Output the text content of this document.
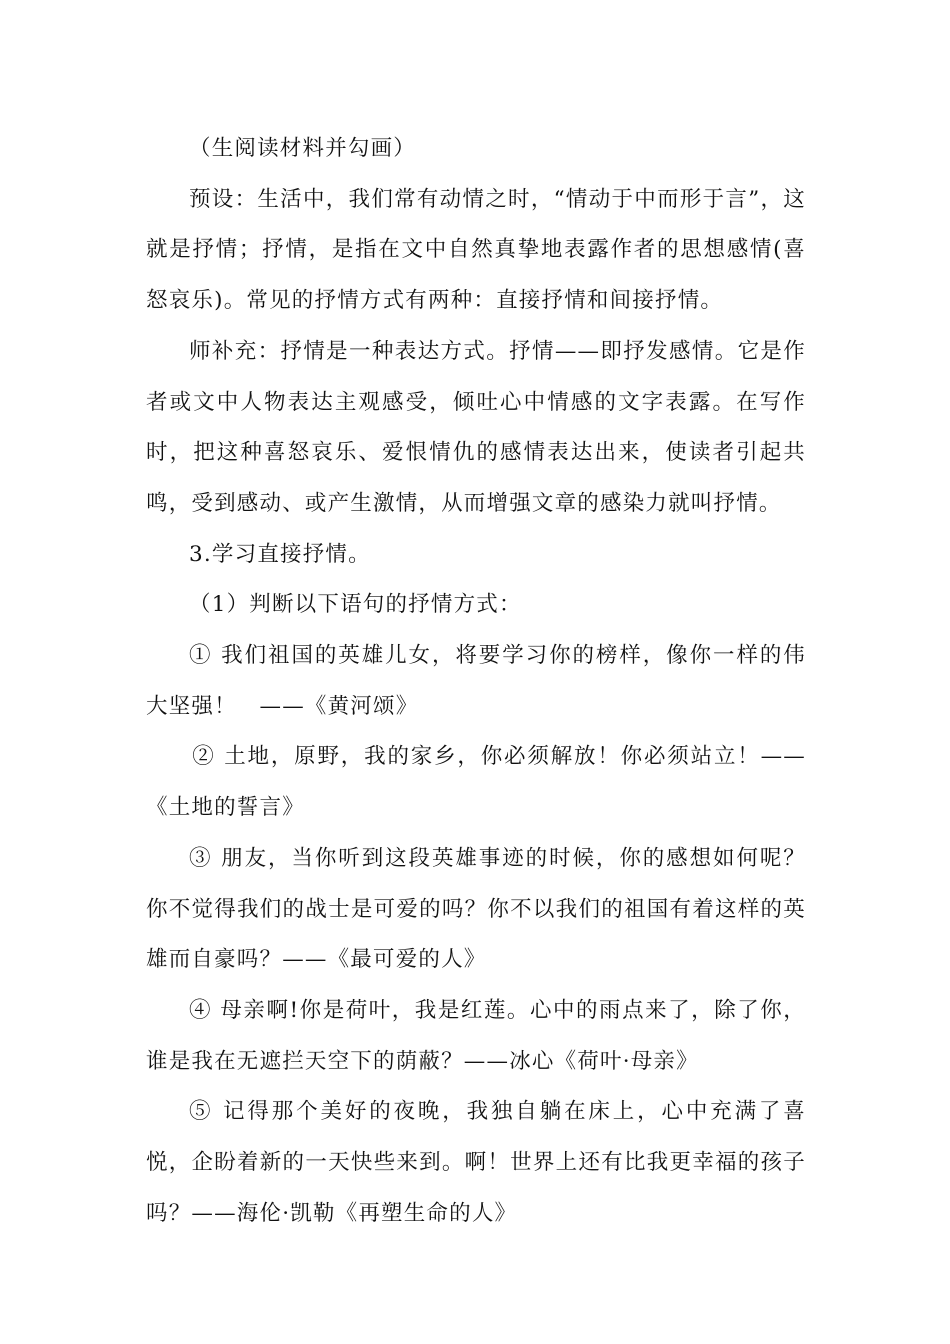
（生阅读材料并勾画）

预设：生活中，我们常有动情之时，“情动于中而形于言”，这就是抒情；抒情，是指在文中自然真挚地表露作者的思想感情(喜怒哀乐)。常见的抒情方式有两种：直接抒情和间接抒情。

师补充：抒情是一种表达方式。抒情——即抒发感情。它是作者或文中人物表达主观感受，倾吐心中情感的文字表露。在写作时，把这种喜怒哀乐、爱恨情仇的感情表达出来，使读者引起共鸣，受到感动、或产生激情，从而增强文章的感染力就叫抒情。

3.学习直接抒情。

（1）判断以下语句的抒情方式：

① 我们祖国的英雄儿女，将要学习你的榜样，像你一样的伟大坚强！　——《黄河颂》

② 土地，原野，我的家乡，你必须解放！你必须站立！——《土地的誓言》

③ 朋友，当你听到这段英雄事迹的时候，你的感想如何呢？你不觉得我们的战士是可爱的吗？你不以我们的祖国有着这样的英雄而自豪吗？——《最可爱的人》

④ 母亲啊!你是荷叶，我是红莲。心中的雨点来了，除了你，谁是我在无遮拦天空下的荫蔽？——冰心《荷叶·母亲》

⑤ 记得那个美好的夜晚，我独自躺在床上，心中充满了喜悦，企盼着新的一天快些来到。啊！世界上还有比我更幸福的孩子吗？——海伦·凯勒《再塑生命的人》
